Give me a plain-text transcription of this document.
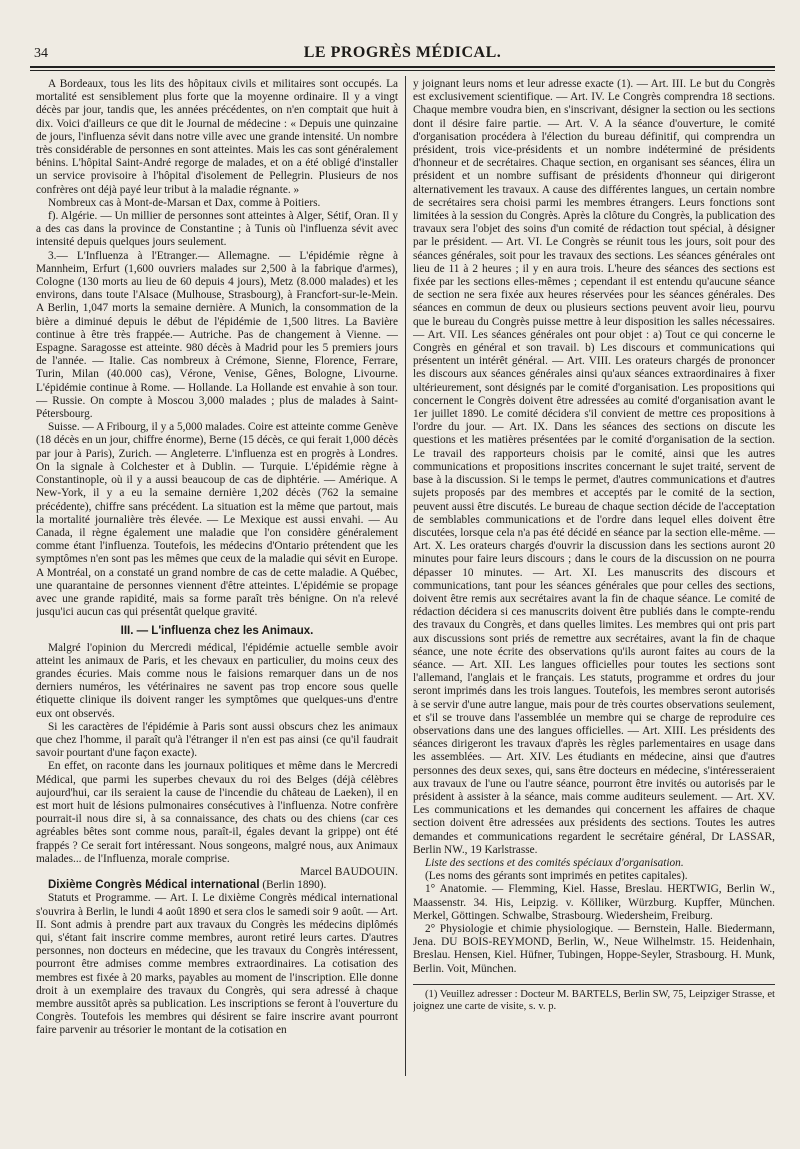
34	LE PROGRÈS MÉDICAL.

A Bordeaux, tous les lits des hôpitaux civils et militaires sont occupés. La mortalité est sensiblement plus forte que la moyenne ordinaire. Il y a vingt décès par jour, tandis que, les années précédentes, on n'en comptait que huit à dix. Voici d'ailleurs ce que dit le Journal de médecine : « Depuis une quinzaine de jours, l'influenza sévit dans notre ville avec une grande intensité. Un nombre très considérable de personnes en sont atteintes. Mais les cas sont généralement bénins. L'hôpital Saint-André regorge de malades, et on a été obligé d'installer un service provisoire à l'hôpital d'isolement de Pellegrin. Plusieurs de nos confrères ont déjà payé leur tribut à la maladie régnante. »

Nombreux cas à Mont-de-Marsan et Dax, comme à Poitiers.

f). Algérie. — Un millier de personnes sont atteintes à Alger, Sétif, Oran. Il y a des cas dans la province de Constantine ; à Tunis où l'influenza sévit avec intensité depuis quelques jours seulement.

3.— L'Influenza à l'Etranger.— Allemagne. — L'épidémie règne à Mannheim, Erfurt (1,600 ouvriers malades sur 2,500 à la fabrique d'armes), Cologne (130 morts au lieu de 60 depuis 4 jours), Metz (8.000 malades) et les environs, dans toute l'Alsace (Mulhouse, Strasbourg), à Francfort-sur-le-Mein. A Berlin, 1,047 morts la semaine dernière. A Munich, la consommation de la bière a diminué depuis le début de l'épidémie de 1,500 litres. La Bavière continue à être très frappée.— Autriche. Pas de changement à Vienne. — Espagne. Saragosse est atteinte. 980 décès à Madrid pour les 5 premiers jours de l'année. — Italie. Cas nombreux à Crémone, Sienne, Florence, Ferrare, Turin, Milan (40.000 cas), Vérone, Venise, Gênes, Bologne, Livourne. L'épidémie continue à Rome. — Hollande. La Hollande est envahie à son tour. — Russie. On compte à Moscou 3,000 malades ; plus de malades à Saint-Pétersbourg.

Suisse. — A Fribourg, il y a 5,000 malades. Coire est atteinte comme Genève (18 décès en un jour, chiffre énorme), Berne (15 décès, ce qui ferait 1,000 décès par jour à Paris), Zurich. — Angleterre. L'influenza est en progrès à Londres. On la signale à Colchester et à Dublin. — Turquie. L'épidémie règne à Constantinople, où il y a aussi beaucoup de cas de diphtérie. — Amérique. A New-York, il y a eu la semaine dernière 1,202 décès (762 la semaine précédente), chiffre sans précédent. La situation est la même que partout, mais la mortalité journalière très élevée. — Le Mexique est aussi envahi. — Au Canada, il règne également une maladie que l'on considère généralement comme étant l'influenza. Toutefois, les médecins d'Ontario prétendent que les symptômes n'en sont pas les mêmes que ceux de la maladie qui sévit en Europe. A Montréal, on a constaté un grand nombre de cas de cette maladie. A Québec, une quarantaine de personnes viennent d'être atteintes. L'épidémie se propage avec une grande rapidité, mais sa forme paraît très bénigne. On n'a relevé jusqu'ici aucun cas qui présentât quelque gravité.

III. — L'influenza chez les Animaux.

Malgré l'opinion du Mercredi médical, l'épidémie actuelle semble avoir atteint les animaux de Paris, et les chevaux en particulier, du moins ceux des grandes écuries. Mais comme nous le faisions remarquer dans un de nos derniers numéros, les vétérinaires ne savent pas trop encore sous quelle étiquette clinique ils doivent ranger les symptômes que quelques-uns d'entre eux ont observés.

Si les caractères de l'épidémie à Paris sont aussi obscurs chez les animaux que chez l'homme, il paraît qu'à l'étranger il n'en est pas ainsi (ce qu'il faudrait savoir pourtant d'une façon exacte).

En effet, on raconte dans les journaux politiques et même dans le Mercredi Médical, que parmi les superbes chevaux du roi des Belges (déjà célèbres aujourd'hui, car ils seraient la cause de l'incendie du château de Laeken), il en est mort huit de lésions pulmonaires consécutives à l'influenza. Notre confrère pourrait-il nous dire si, à sa connaissance, des chats ou des chiens (car ces agréables bêtes sont comme nous, paraît-il, égales devant la grippe) ont été frappés ? Ce serait fort intéressant. Nous songeons, malgré nous, aux Animaux malades... de l'Influenza, morale comprise.

Marcel BAUDOUIN.

Dixième Congrès Médical international (Berlin 1890).

Statuts et Programme. — Art. I. Le dixième Congrès médical international s'ouvrira à Berlin, le lundi 4 août 1890 et sera clos le samedi soir 9 août. — Art. II. Sont admis à prendre part aux travaux du Congrès les médecins diplômés qui, s'étant fait inscrire comme membres, auront retiré leurs cartes. D'autres personnes, non docteurs en médecine, que les travaux du Congrès intéressent, pourront être admises comme membres extraordinaires. La cotisation des membres est fixée à 20 marks, payables au moment de l'inscription. Elle donne droit à un exemplaire des travaux du Congrès, qui sera adressé à chaque membre aussitôt après sa publication. Les inscriptions se feront à l'ouverture du Congrès. Toutefois les membres qui désirent se faire inscrire avant pourront faire parvenir au trésorier le montant de la cotisation en

y joignant leurs noms et leur adresse exacte (1). — Art. III. Le but du Congrès est exclusivement scientifique. — Art. IV. Le Congrès comprendra 18 sections. Chaque membre voudra bien, en s'inscrivant, désigner la section ou les sections dont il désire faire partie. — Art. V. A la séance d'ouverture, le comité d'organisation procédera à l'élection du bureau définitif, qui comprendra un président, trois vice-présidents et un nombre indéterminé de présidents d'honneur et de secrétaires. Chaque section, en organisant ses séances, élira un président et un nombre suffisant de présidents d'honneur qui dirigeront alternativement les travaux. A cause des différentes langues, un certain nombre de secrétaires sera choisi parmi les membres étrangers. Leurs fonctions sont limitées à la session du Congrès. Après la clôture du Congrès, la publication des travaux sera l'objet des soins d'un comité de rédaction tout spécial, à désigner par le président. — Art. VI. Le Congrès se réunit tous les jours, soit pour des séances générales, soit pour les travaux des sections. Les séances générales ont lieu de 11 à 2 heures ; il y en aura trois. L'heure des séances des sections est fixée par les sections elles-mêmes ; cependant il est entendu qu'aucune séance de section ne sera fixée aux heures réservées pour les séances générales. Des séances en commun de deux ou plusieurs sections peuvent avoir lieu, pourvu que le bureau du Congrès puisse mettre à leur disposition les salles nécessaires. — Art. VII. Les séances générales ont pour objet : a) Tout ce qui concerne le Congrès en général et son travail. b) Les discours et communications qui présentent un intérêt général. — Art. VIII. Les orateurs chargés de prononcer les discours aux séances générales ainsi qu'aux séances extraordinaires à fixer ultérieurement, sont désignés par le comité d'organisation. Les propositions qui concernent le Congrès doivent être adressées au comité d'organisation avant le 1er juillet 1890. Le comité décidera s'il convient de mettre ces propositions à l'ordre du jour. — Art. IX. Dans les séances des sections on discute les questions et les matières présentées par le comité d'organisation de la section. Le travail des rapporteurs choisis par le comité, ainsi que les autres communications et propositions inscrites concernant le sujet traité, servent de base à la discussion. Si le temps le permet, d'autres communications et d'autres sujets proposés par des membres et acceptés par le comité de la section, peuvent aussi être discutés. Le bureau de chaque section décide de l'acceptation de semblables communications et de l'ordre dans lequel elles doivent être discutées, lorsque cela n'a pas été décidé en séance par la section elle-même. — Art. X. Les orateurs chargés d'ouvrir la discussion dans les sections auront 20 minutes pour faire leurs discours ; dans le cours de la discussion on ne pourra dépasser 10 minutes. — Art. XI. Les manuscrits des discours et communications, tant pour les séances générales que pour celles des sections, doivent être remis aux secrétaires avant la fin de chaque séance. Le comité de rédaction décidera si ces manuscrits doivent être publiés dans le compte-rendu des travaux du Congrès, et dans quelles limites. Les membres qui ont pris part aux discussions sont priés de remettre aux secrétaires, avant la fin de chaque séance, une note écrite des observations qu'ils auront faites au cours de la séance. — Art. XII. Les langues officielles pour toutes les sections sont l'allemand, l'anglais et le français. Les statuts, programme et ordres du jour seront imprimés dans les trois langues. Toutefois, les membres seront autorisés à se servir d'une autre langue, mais pour de très courtes observations seulement, et s'il se trouve dans l'assemblée un membre qui se charge de reproduire ces observations dans une des langues officielles. — Art. XIII. Les présidents des séances dirigeront les travaux d'après les règles parlementaires en usage dans les assemblées. — Art. XIV. Les étudiants en médecine, ainsi que d'autres personnes des deux sexes, qui, sans être docteurs en médecine, s'intéresseraient aux travaux de l'une ou l'autre séance, pourront être invités ou autorisés par le président à assister à la séance, mais comme auditeurs seulement. — Art. XV. Les communications et les demandes qui concernent les affaires de chaque section doivent être adressées aux présidents des sections. Toutes les autres demandes et communications regardent le secrétaire général, Dr LASSAR, Berlin NW., 19 Karlstrasse.

Liste des sections et des comités spéciaux d'organisation.

(Les noms des gérants sont imprimés en petites capitales).

1° Anatomie. — Flemming, Kiel. Hasse, Breslau. HERTWIG, Berlin W., Maassenstr. 34. His, Leipzig. v. Kölliker, Würzburg. Kupffer, München. Merkel, Göttingen. Schwalbe, Strasbourg. Wiedersheim, Freiburg.

2° Physiologie et chimie physiologique. — Bernstein, Halle. Biedermann, Jena. DU BOIS-REYMOND, Berlin, W., Neue Wilhelmstr. 15. Heidenhain, Breslau. Hensen, Kiel. Hüfner, Tubingen, Hoppe-Seyler, Strasbourg. H. Munk, Berlin. Voit, München.

(1) Veuillez adresser : Docteur M. BARTELS, Berlin SW, 75, Leipziger Strasse, et joignez une carte de visite, s. v. p.
